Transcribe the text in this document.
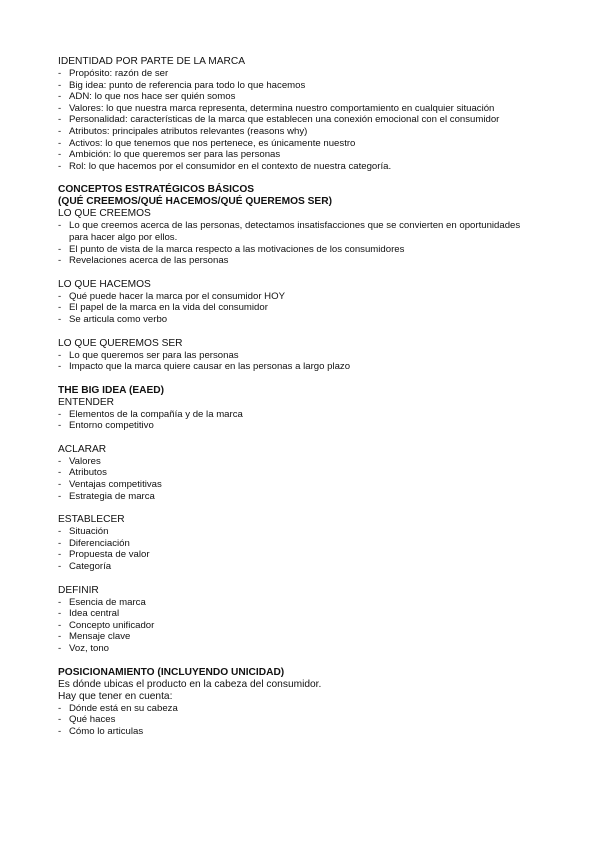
IDENTIDAD POR PARTE DE LA MARCA
- Propósito: razón de ser
- Big idea: punto de referencia para todo lo que hacemos
- ADN: lo que nos hace ser quién somos
- Valores: lo que nuestra marca representa, determina nuestro comportamiento en cualquier situación
- Personalidad: características de la marca que establecen una conexión emocional con el consumidor
- Atributos: principales atributos relevantes (reasons why)
- Activos: lo que tenemos que nos pertenece, es únicamente nuestro
- Ambición: lo que queremos ser para las personas
- Rol: lo que hacemos por el consumidor en el contexto de nuestra categoría.
CONCEPTOS ESTRATÉGICOS BÁSICOS
(QUÉ CREEMOS/QUÉ HACEMOS/QUÉ QUEREMOS SER)
LO QUE CREEMOS
- Lo que creemos acerca de las personas, detectamos insatisfacciones que se convierten en oportunidades para hacer algo por ellos.
- El punto de vista de la marca respecto a las motivaciones de los consumidores
- Revelaciones acerca de las personas
LO QUE HACEMOS
- Qué puede hacer la marca por el consumidor HOY
- El papel de la marca en la vida del consumidor
- Se articula como verbo
LO QUE QUEREMOS SER
- Lo que queremos ser para las personas
- Impacto que la marca quiere causar en las personas a largo plazo
THE BIG IDEA (EAED)
ENTENDER
- Elementos de la compañía y de la marca
- Entorno competitivo
ACLARAR
- Valores
- Atributos
- Ventajas competitivas
- Estrategia de marca
ESTABLECER
- Situación
- Diferenciación
- Propuesta de valor
- Categoría
DEFINIR
- Esencia de marca
- Idea central
- Concepto unificador
- Mensaje clave
- Voz, tono
POSICIONAMIENTO (INCLUYENDO UNICIDAD)
Es dónde ubicas el producto en la cabeza del consumidor.
Hay que tener en cuenta:
- Dónde está en su cabeza
- Qué haces
- Cómo lo articulas
